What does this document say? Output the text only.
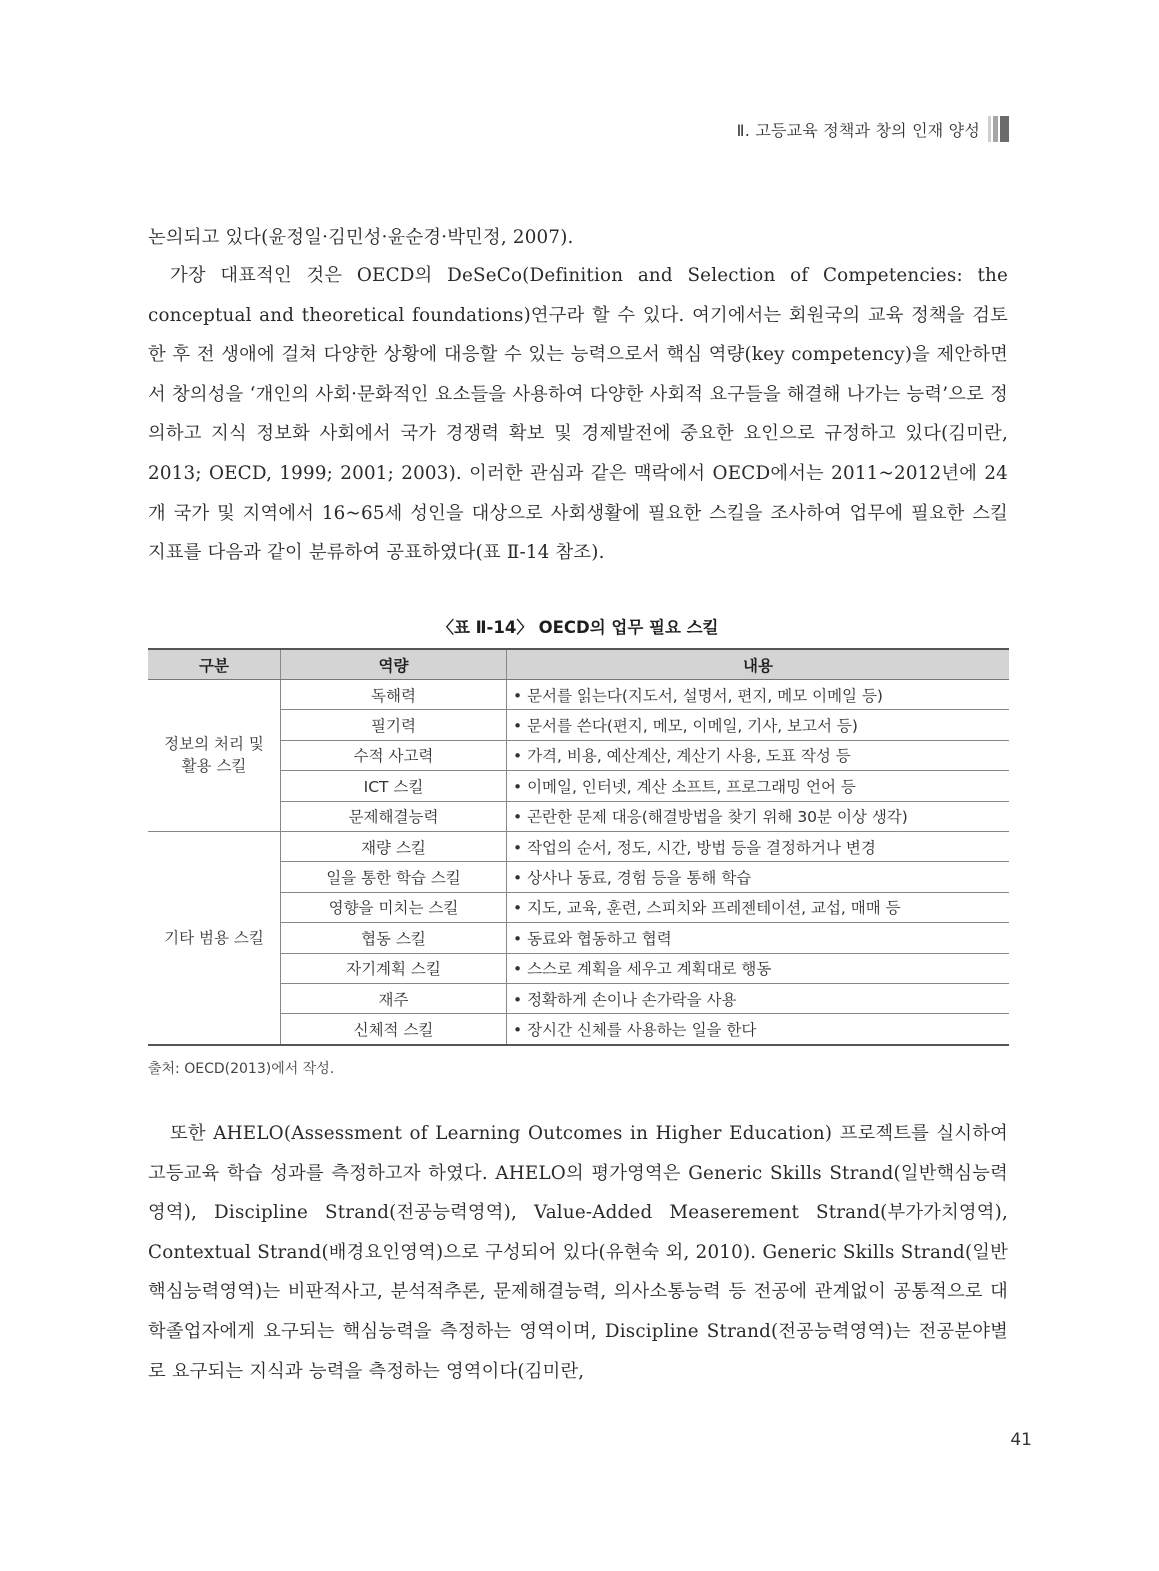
Ⅱ. 고등교육 정책과 창의 인재 양성

논의되고 있다(윤정일·김민성·윤순경·박민정, 2007).

가장 대표적인 것은 OECD의 DeSeCo(Definition and Selection of Competencies: the conceptual and theoretical foundations)연구라 할 수 있다. 여기에서는 회원국의 교육 정책을 검토한 후 전 생애에 걸쳐 다양한 상황에 대응할 수 있는 능력으로서 핵심 역량(key competency)을 제안하면서 창의성을 ‘개인의 사회·문화적인 요소들을 사용하여 다양한 사회적 요구들을 해결해 나가는 능력’으로 정의하고 지식 정보화 사회에서 국가 경쟁력 확보 및 경제발전에 중요한 요인으로 규정하고 있다(김미란, 2013; OECD, 1999; 2001; 2003). 이러한 관심과 같은 맥락에서 OECD에서는 2011~2012년에 24개 국가 및 지역에서 16~65세 성인을 대상으로 사회생활에 필요한 스킬을 조사하여 업무에 필요한 스킬 지표를 다음과 같이 분류하여 공표하였다(표 Ⅱ-14 참조).

〈표 Ⅱ-14〉 OECD의 업무 필요 스킬
구분	역량	내용

정보의 처리 및 활용 스킬	독해력	• 문서를 읽는다(지도서, 설명서, 편지, 메모 이메일 등)
	필기력	• 문서를 쓴다(편지, 메모, 이메일, 기사, 보고서 등)
	수적 사고력	• 가격, 비용, 예산계산, 계산기 사용, 도표 작성 등
	ICT 스킬	• 이메일, 인터넷, 계산 소프트, 프로그래밍 언어 등
	문제해결능력	• 곤란한 문제 대응(해결방법을 찾기 위해 30분 이상 생각)

기타 범용 스킬	재량 스킬	• 작업의 순서, 정도, 시간, 방법 등을 결정하거나 변경
	일을 통한 학습 스킬	• 상사나 동료, 경험 등을 통해 학습
	영향을 미치는 스킬	• 지도, 교육, 훈련, 스피치와 프레젠테이션, 교섭, 매매 등
	협동 스킬	• 동료와 협동하고 협력
	자기계획 스킬	• 스스로 계획을 세우고 계획대로 행동
	재주	• 정확하게 손이나 손가락을 사용
	신체적 스킬	• 장시간 신체를 사용하는 일을 한다
출처: OECD(2013)에서 작성.

또한 AHELO(Assessment of Learning Outcomes in Higher Education) 프로젝트를 실시하여 고등교육 학습 성과를 측정하고자 하였다. AHELO의 평가영역은 Generic Skills Strand(일반핵심능력영역), Discipline Strand(전공능력영역), Value-Added Measerement Strand(부가가치영역), Contextual Strand(배경요인영역)으로 구성되어 있다(유현숙 외, 2010). Generic Skills Strand(일반핵심능력영역)는 비판적사고, 분석적추론, 문제해결능력, 의사소통능력 등 전공에 관계없이 공통적으로 대학졸업자에게 요구되는 핵심능력을 측정하는 영역이며, Discipline Strand(전공능력영역)는 전공분야별로 요구되는 지식과 능력을 측정하는 영역이다(김미란,

41
